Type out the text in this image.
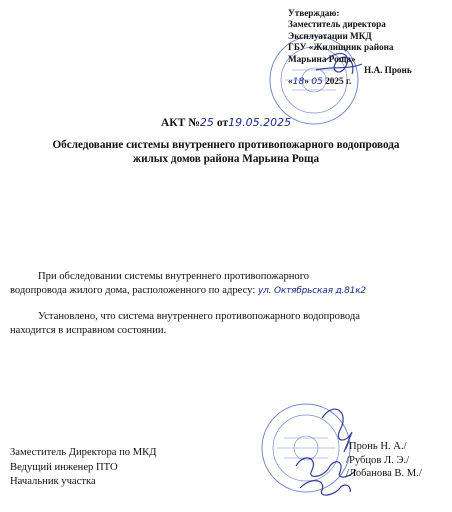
Утверждаю:
Заместитель директора
Эксплуатации МКД
ГБУ «Жилищник района
Марьина Роща»

Н.А. Пронь
«18» 05 2025 г.
АКТ №25 от19.05.2025
Обследование системы внутреннего противопожарного водопровода
жилых домов района Марьина Роща
При обследовании системы внутреннего противопожарного
водопровода жилого дома, расположенного по адресу: ул. Октябрьская д.81к2
Установлено, что система внутреннего противопожарного водопровода
находится в исправном состоянии.
Заместитель Директора по МКД
Ведущий инженер ПТО
Начальник участка
/Пронь Н. А./
/Рубцов Л. Э./
/Лобанова В. М./
